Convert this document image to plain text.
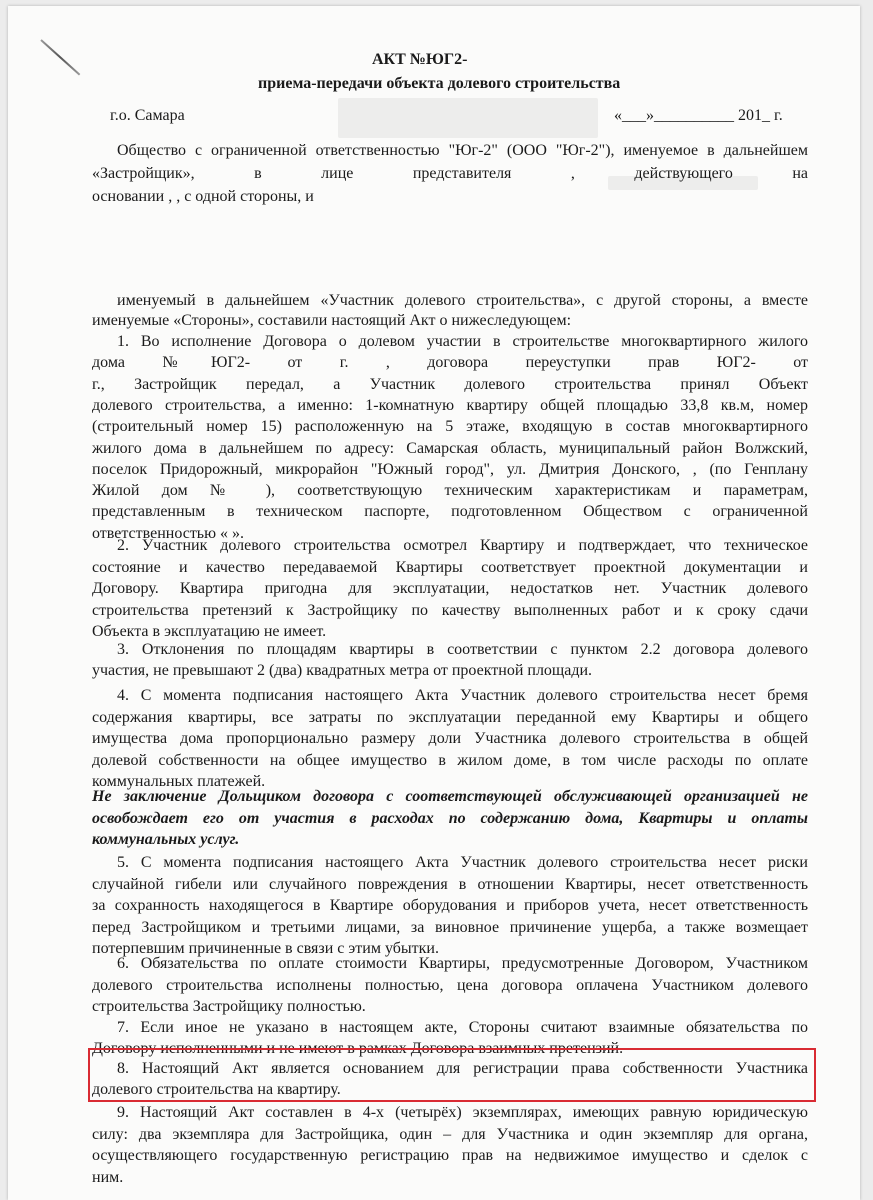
АКТ №ЮГ2-
приема-передачи объекта долевого строительства
г.о. Самара	«___»__________ 201_ г.
Общество с ограниченной ответственностью "Юг-2" (ООО "Юг-2"), именуемое в дальнейшем
«Застройщик», в лице представителя , действующего на
основании , , с одной стороны, и
именуемый в дальнейшем «Участник долевого строительства», с другой стороны, а вместе
именуемые «Стороны», составили настоящий Акт о нижеследующем:
1. Во исполнение Договора о долевом участии в строительстве многоквартирного жилого
дома №ЮГ2- от г. , договора переуступки прав ЮГ2- от
г., Застройщик передал, а Участник долевого строительства принял Объект
долевого строительства, а именно: 1-комнатную квартиру общей площадью 33,8 кв.м, номер
(строительный номер 15) расположенную на 5 этаже, входящую в состав многоквартирного
жилого дома в дальнейшем по адресу: Самарская область, муниципальный район Волжский,
поселок Придорожный, микрорайон "Южный город", ул. Дмитрия Донского, , (по Генплану
Жилой дом № ), соответствующую техническим характеристикам и параметрам,
представленным в техническом паспорте, подготовленном Обществом с ограниченной
ответственностью « ».
2. Участник долевого строительства осмотрел Квартиру и подтверждает, что техническое
состояние и качество передаваемой Квартиры соответствует проектной документации и
Договору. Квартира пригодна для эксплуатации, недостатков нет. Участник долевого
строительства претензий к Застройщику по качеству выполненных работ и к сроку сдачи
Объекта в эксплуатацию не имеет.
3. Отклонения по площадям квартиры в соответствии с пунктом 2.2 договора долевого
участия, не превышают 2 (два) квадратных метра от проектной площади.
4. С момента подписания настоящего Акта Участник долевого строительства несет бремя
содержания квартиры, все затраты по эксплуатации переданной ему Квартиры и общего
имущества дома пропорционально размеру доли Участника долевого строительства в общей
долевой собственности на общее имущество в жилом доме, в том числе расходы по оплате
коммунальных платежей.
Не заключение Дольщиком договора с соответствующей обслуживающей организацией не
освобождает его от участия в расходах по содержанию дома, Квартиры и оплаты
коммунальных услуг.
5. С момента подписания настоящего Акта Участник долевого строительства несет риски
случайной гибели или случайного повреждения в отношении Квартиры, несет ответственность
за сохранность находящегося в Квартире оборудования и приборов учета, несет ответственность
перед Застройщиком и третьими лицами, за виновное причинение ущерба, а также возмещает
потерпевшим причиненные в связи с этим убытки.
6. Обязательства по оплате стоимости Квартиры, предусмотренные Договором, Участником
долевого строительства исполнены полностью, цена договора оплачена Участником долевого
строительства Застройщику полностью.
7. Если иное не указано в настоящем акте, Стороны считают взаимные обязательства по
Договору исполненными и не имеют в рамках Договора взаимных претензий.
8. Настоящий Акт является основанием для регистрации права собственности Участника
долевого строительства на квартиру.
9. Настоящий Акт составлен в 4-х (четырёх) экземплярах, имеющих равную юридическую
силу: два экземпляра для Застройщика, один – для Участника и один экземпляр для органа,
осуществляющего государственную регистрацию прав на недвижимое имущество и сделок с
ним.
